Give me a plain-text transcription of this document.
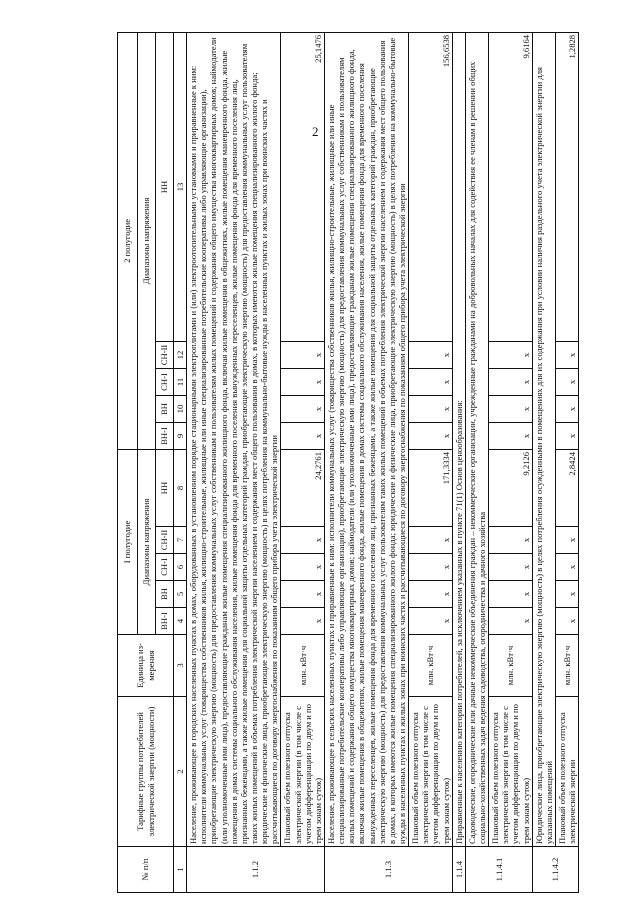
2
№ п/п	Тарифные группы потребителей электрической энергии (мощности)	Единица из-мерения	I полугодие					2 полугодие				
			Диапазоны напряжения					Диапазоны напряжения				
			ВН-I	ВН	СН-I	СН-II	НН	ВН-I	ВН	СН-I	СН-II	НН
1	2	3	4	5	6	7	8	9	10	11	12	13
1.1.2	Население, проживающее в городских населенных пунктах в домах, оборудованных в установленном порядке стационарными электроплитами и (или) электроотопительными установками и приравненные к ним: исполнители коммунальных услуг (товарищества собственников жилья, жилищно-строительные, жилищные или иные специализированные потребительские кооперативы либо управляющие организации), приобретающие электрическую энергию (мощность) для предоставления коммунальных услуг собственникам и пользователям жилых помещений и содержания общего имущества многоквартирных домов; наймодатели (или уполномоченные ими лица), предоставляющие гражданам жилые помещения специализированного жилищного фонда, включая жилые помещения в общежитиях, жилые помещения маневренного фонда, жилые помещения в домах системы социального обслуживания населения, жилые помещения фонда для временного поселения вынужденных переселенцев, жилые помещения фонда для временного поселения лиц, признанных беженцами, а также жилые помещения для социальной защиты отдельных категорий граждан, приобретающие электрическую энергию (мощность) для предоставления коммунальных услуг пользователям таких жилых помещений в объемах потребления электрической энергии населением и содержания мест общего пользования в домах, в которых имеются жилые помещения специализированного жилого фонда; юридические и физические лица, приобретающие электрическую энергию (мощность) в целях потребления на коммунально-бытовые нужды в населенных пунктах и жилых зонах при воинских частях и рассчитывающиеся по договору энергоснабжения по показаниям общего прибора учета электрической энергии											
	Плановый объем полезного отпуска электрической энергии (в том числе с учетом дифференциации по двум и по трем зонам суток)	млн. кВт·ч	х	х	х	х	24,2761	х	х	х	х	25,1476
1.1.3	Население, проживающее в сельских населенных пунктах и приравненные к ним: исполнители коммунальных услуг (товарищества собственников жилья, жилищно-строительные, жилищные или иные специализированные потребительские кооперативы либо управляющие организации), приобретающие электрическую энергию (мощность) для предоставления коммунальных услуг собственникам и пользователям жилых помещений и содержания общего имущества многоквартирных домов; наймодатели (или уполномоченные ими лица), предоставляющие гражданам жилые помещения специализированного жилищного фонда, включая жилые помещения в общежитиях, жилые помещения маневренного фонда, жилые помещения в домах системы социального обслуживания населения, жилые помещения фонда для временного поселения вынужденных переселенцев, жилые помещения фонда для временного поселения лиц, признанных беженцами, а также жилые помещения для социальной защиты отдельных категорий граждан, приобретающие электрическую энергию (мощность) для предоставления коммунальных услуг пользователям таких жилых помещений в объемах потребления электрической энергии населением и содержания мест общего пользования в домах, в которых имеются жилые помещения специализированного жилого фонда; юридические и физические лица, приобретающие электрическую энергию (мощность) в целях потребления на коммунально-бытовые нужды в населенных пунктах и жилых зонах при воинских частях и рассчитывающиеся по договору энергоснабжения по показаниям общего прибора учета электрической энергии											
	Плановый объем полезного отпуска электрической энергии (в том числе с учетом дифференциации по двум и по трем зонам суток)	млн. кВт·ч	х	х	х	х	171,3334	х	х	х	х	156,6538
1.1.4	Приравненные к населению категории потребителей, за исключением указанных в пункте 71(1) Основ ценообразования:											
1.1.4.1	Садоводческие, огороднические или дачные некоммерческие объединения граждан – некоммерческие организации, учрежденные гражданами на добровольных началах для содействия ее членам в решении общих социально-хозяйственных задач ведения садоводства, огородничества и дачного хозяйства											
	Плановый объем полезного отпуска электрической энергии (в том числе с учетом дифференциации по двум и по трем зонам суток)	млн. кВт·ч	х	х	х	х	9,2126	х	х	х	х	9,6164
1.1.4.2	Юридические лица, приобретающие электрическую энергию (мощность) в целях потребления осужденными в помещениях для их содержания при условии наличия раздельного учета электрической энергии для указанных помещений											
	Плановый объем полезного отпуска электрической энергии	млн. кВт·ч	х	х	х	х	2,8424	х	х	х	х	1,2828
